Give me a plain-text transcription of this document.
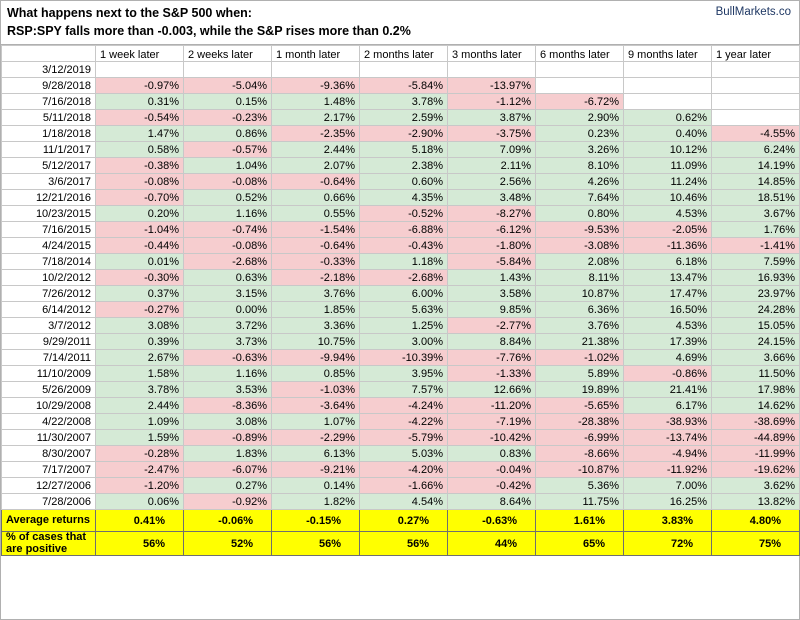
What happens next to the S&P 500 when:
RSP:SPY falls more than -0.003, while the S&P rises more than 0.2%
BullMarkets.co
	1 week later	2 weeks later	1 month later	2 months later	3 months later	6 months later	9 months later	1 year later
3/12/2019								
9/28/2018	-0.97%	-5.04%	-9.36%	-5.84%	-13.97%			
7/16/2018	0.31%	0.15%	1.48%	3.78%	-1.12%	-6.72%		
5/11/2018	-0.54%	-0.23%	2.17%	2.59%	3.87%	2.90%	0.62%	
1/18/2018	1.47%	0.86%	-2.35%	-2.90%	-3.75%	0.23%	0.40%	-4.55%
11/1/2017	0.58%	-0.57%	2.44%	5.18%	7.09%	3.26%	10.12%	6.24%
5/12/2017	-0.38%	1.04%	2.07%	2.38%	2.11%	8.10%	11.09%	14.19%
3/6/2017	-0.08%	-0.08%	-0.64%	0.60%	2.56%	4.26%	11.24%	14.85%
12/21/2016	-0.70%	0.52%	0.66%	4.35%	3.48%	7.64%	10.46%	18.51%
10/23/2015	0.20%	1.16%	0.55%	-0.52%	-8.27%	0.80%	4.53%	3.67%
7/16/2015	-1.04%	-0.74%	-1.54%	-6.88%	-6.12%	-9.53%	-2.05%	1.76%
4/24/2015	-0.44%	-0.08%	-0.64%	-0.43%	-1.80%	-3.08%	-11.36%	-1.41%
7/18/2014	0.01%	-2.68%	-0.33%	1.18%	-5.84%	2.08%	6.18%	7.59%
10/2/2012	-0.30%	0.63%	-2.18%	-2.68%	1.43%	8.11%	13.47%	16.93%
7/26/2012	0.37%	3.15%	3.76%	6.00%	3.58%	10.87%	17.47%	23.97%
6/14/2012	-0.27%	0.00%	1.85%	5.63%	9.85%	6.36%	16.50%	24.28%
3/7/2012	3.08%	3.72%	3.36%	1.25%	-2.77%	3.76%	4.53%	15.05%
9/29/2011	0.39%	3.73%	10.75%	3.00%	8.84%	21.38%	17.39%	24.15%
7/14/2011	2.67%	-0.63%	-9.94%	-10.39%	-7.76%	-1.02%	4.69%	3.66%
11/10/2009	1.58%	1.16%	0.85%	3.95%	-1.33%	5.89%	-0.86%	11.50%
5/26/2009	3.78%	3.53%	-1.03%	7.57%	12.66%	19.89%	21.41%	17.98%
10/29/2008	2.44%	-8.36%	-3.64%	-4.24%	-11.20%	-5.65%	6.17%	14.62%
4/22/2008	1.09%	3.08%	1.07%	-4.22%	-7.19%	-28.38%	-38.93%	-38.69%
11/30/2007	1.59%	-0.89%	-2.29%	-5.79%	-10.42%	-6.99%	-13.74%	-44.89%
8/30/2007	-0.28%	1.83%	6.13%	5.03%	0.83%	-8.66%	-4.94%	-11.99%
7/17/2007	-2.47%	-6.07%	-9.21%	-4.20%	-0.04%	-10.87%	-11.92%	-19.62%
12/27/2006	-1.20%	0.27%	0.14%	-1.66%	-0.42%	5.36%	7.00%	3.62%
7/28/2006	0.06%	-0.92%	1.82%	4.54%	8.64%	11.75%	16.25%	13.82%
Average returns	0.41%	-0.06%	-0.15%	0.27%	-0.63%	1.61%	3.83%	4.80%

% of cases that
are positive	56%	52%	56%	56%	44%	65%	72%	75%
